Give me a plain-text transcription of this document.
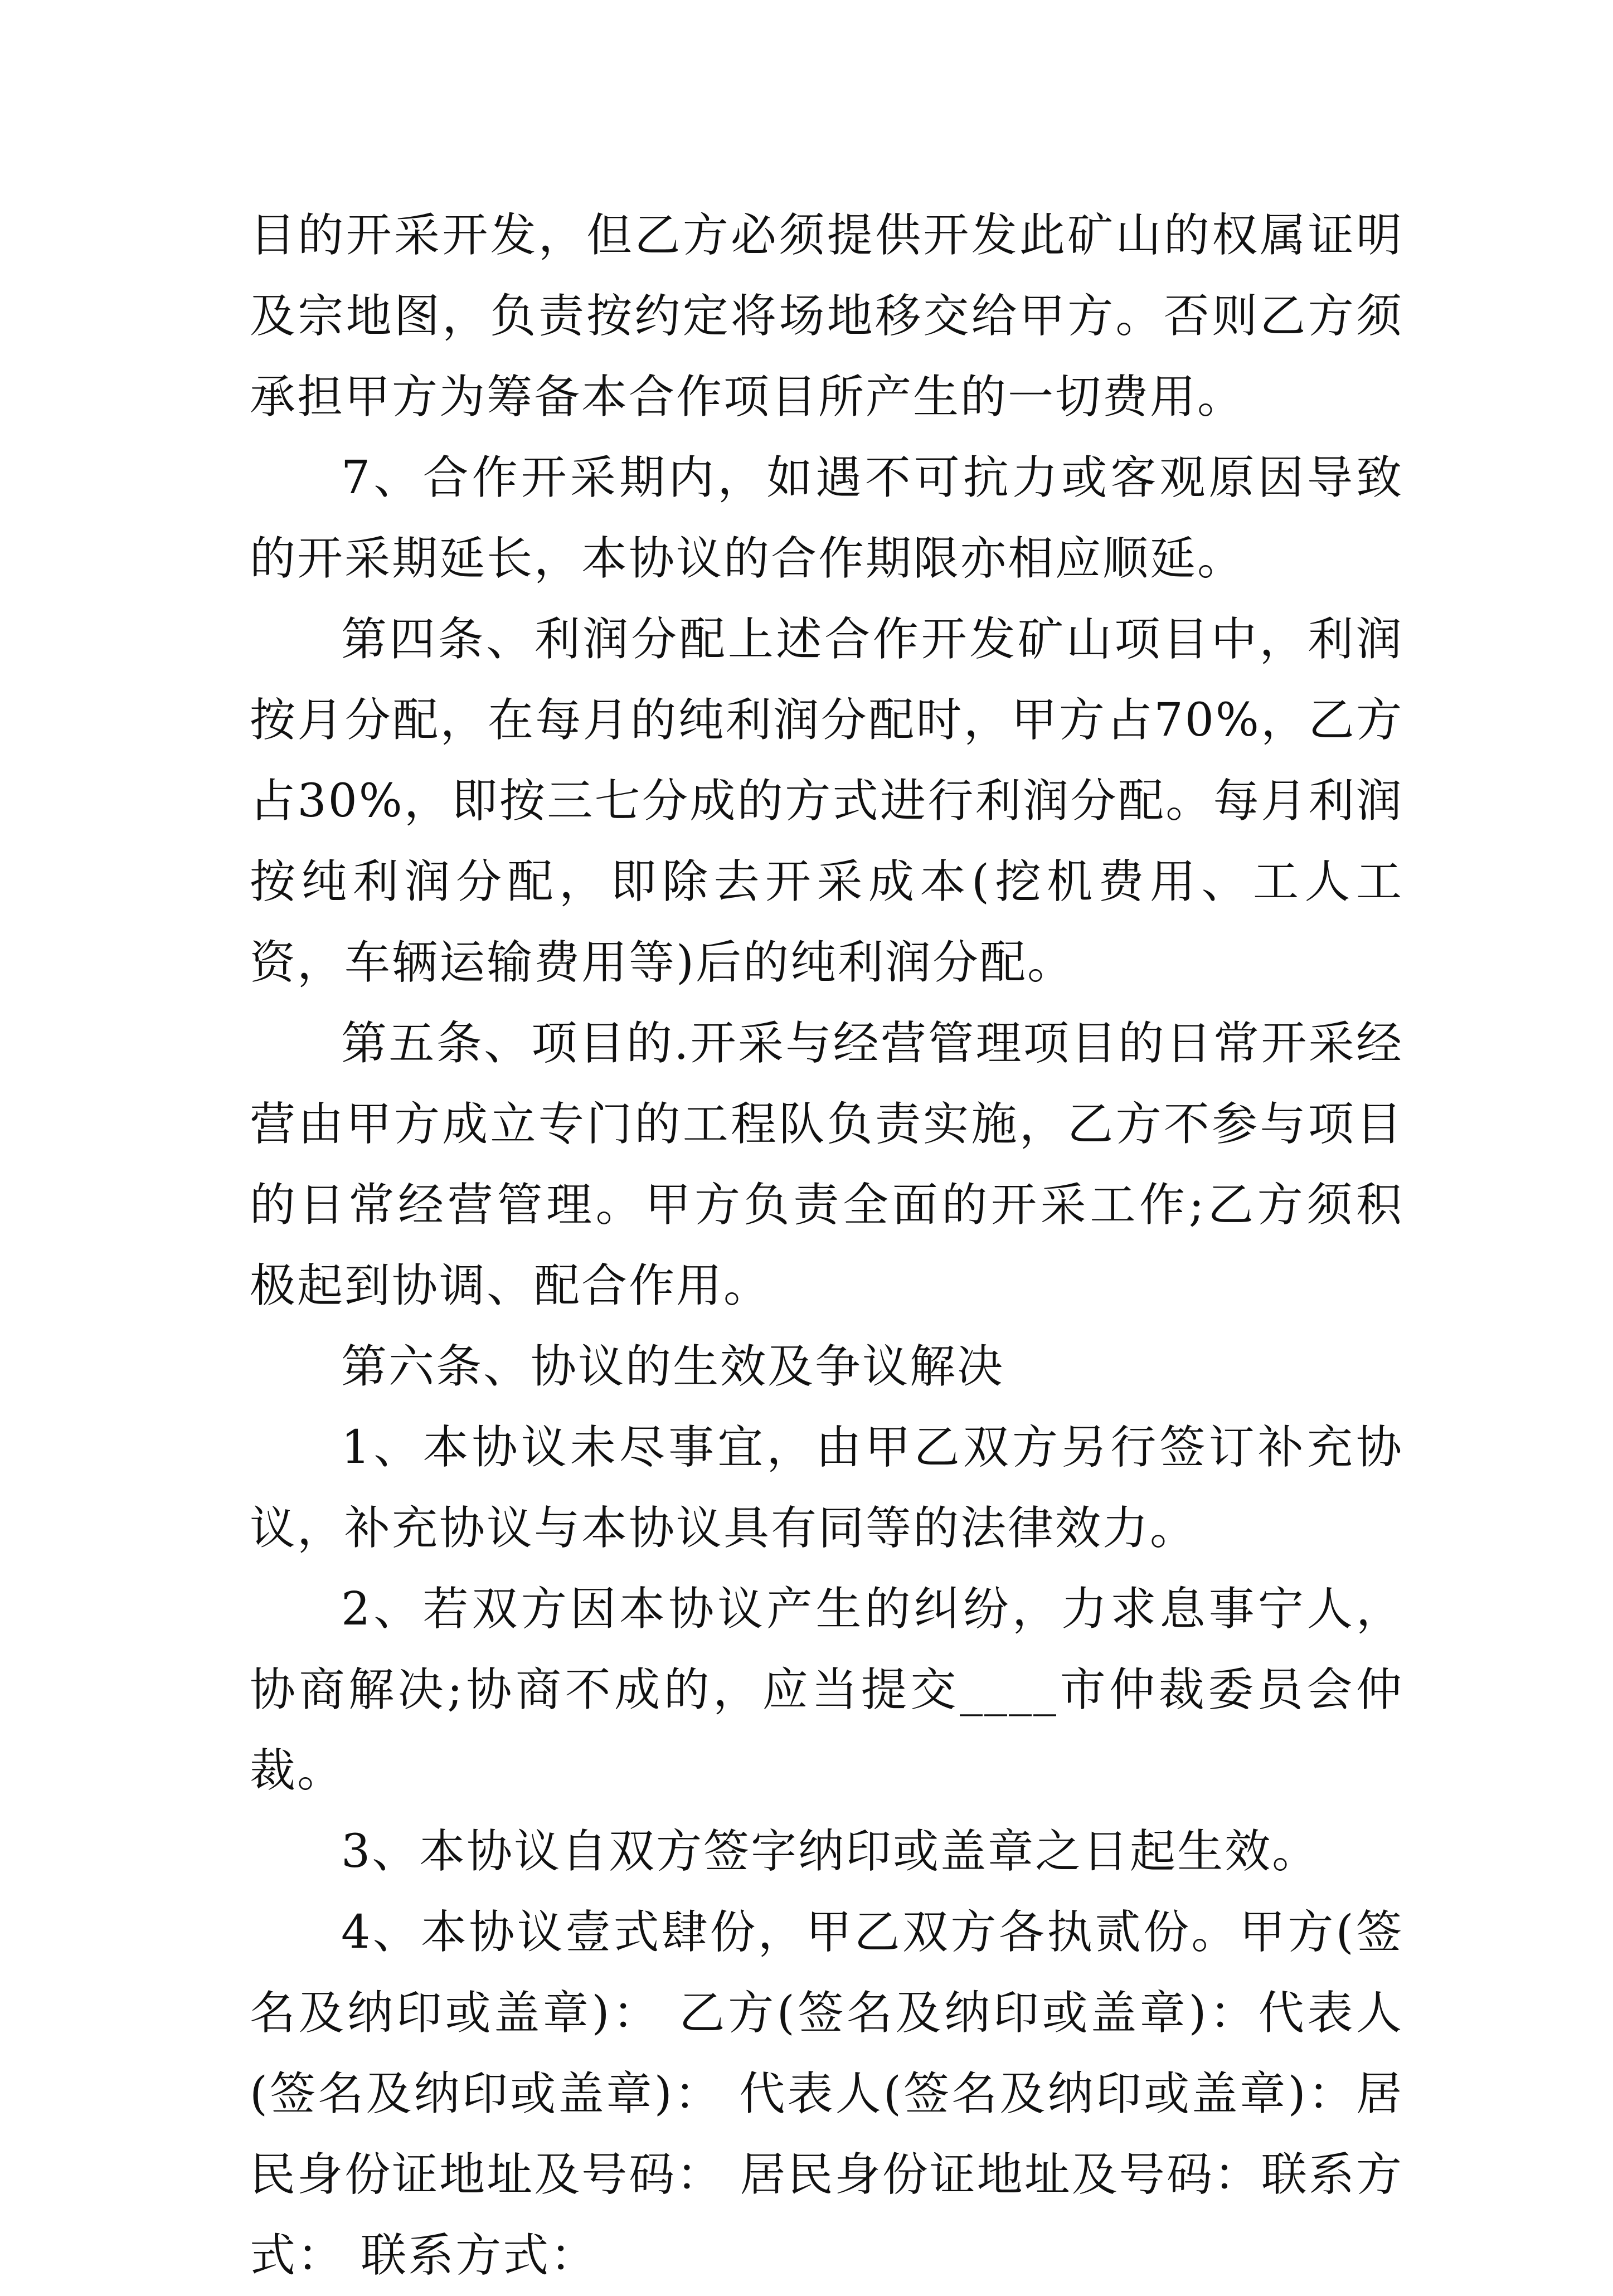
目的开采开发，但乙方必须提供开发此矿山的权属证明及宗地图，负责按约定将场地移交给甲方。否则乙方须承担甲方为筹备本合作项目所产生的一切费用。

7、合作开采期内，如遇不可抗力或客观原因导致的开采期延长，本协议的合作期限亦相应顺延。

第四条、利润分配上述合作开发矿山项目中，利润按月分配，在每月的纯利润分配时，甲方占70%，乙方占30%，即按三七分成的方式进行利润分配。每月利润按纯利润分配，即除去开采成本(挖机费用、工人工资，车辆运输费用等)后的纯利润分配。

第五条、项目的.开采与经营管理项目的日常开采经营由甲方成立专门的工程队负责实施，乙方不参与项目的日常经营管理。甲方负责全面的开采工作;乙方须积极起到协调、配合作用。

第六条、协议的生效及争议解决

1、本协议未尽事宜，由甲乙双方另行签订补充协议，补充协议与本协议具有同等的法律效力。

2、若双方因本协议产生的纠纷，力求息事宁人，协商解决;协商不成的，应当提交____市仲裁委员会仲裁。

3、本协议自双方签字纳印或盖章之日起生效。

4、本协议壹式肆份，甲乙双方各执贰份。甲方(签名及纳印或盖章)： 乙方(签名及纳印或盖章)：代表人(签名及纳印或盖章)： 代表人(签名及纳印或盖章)：居民身份证地址及号码： 居民身份证地址及号码：联系方式： 联系方式：
